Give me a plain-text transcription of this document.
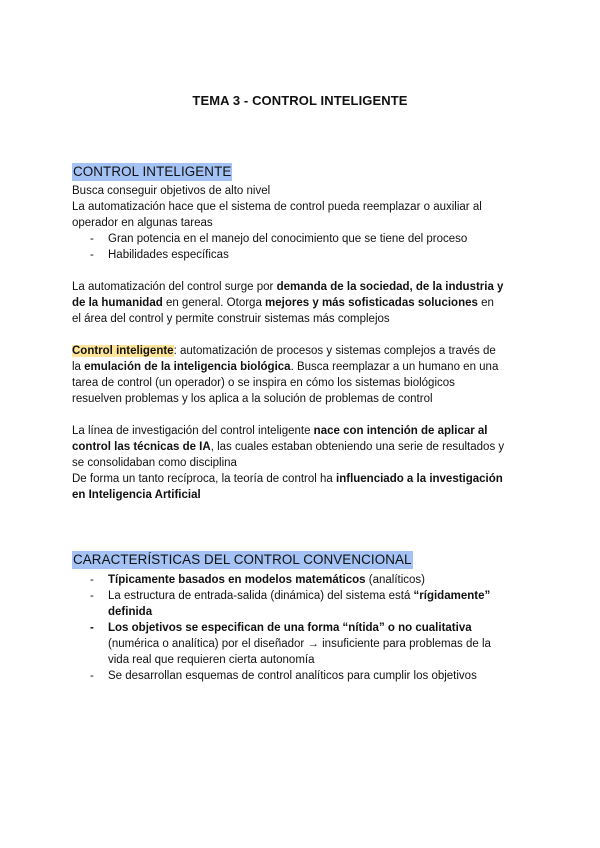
TEMA 3 - CONTROL INTELIGENTE
CONTROL INTELIGENTE
Busca conseguir objetivos de alto nivel
La automatización hace que el sistema de control pueda reemplazar o auxiliar al
operador en algunas tareas
- Gran potencia en el manejo del conocimiento que se tiene del proceso
- Habilidades específicas
La automatización del control surge por demanda de la sociedad, de la industria y
de la humanidad en general. Otorga mejores y más sofisticadas soluciones en
el área del control y permite construir sistemas más complejos
Control inteligente: automatización de procesos y sistemas complejos a través de
la emulación de la inteligencia biológica. Busca reemplazar a un humano en una
tarea de control (un operador) o se inspira en cómo los sistemas biológicos
resuelven problemas y los aplica a la solución de problemas de control
La línea de investigación del control inteligente nace con intención de aplicar al
control las técnicas de IA, las cuales estaban obteniendo una serie de resultados y
se consolidaban como disciplina
De forma un tanto recíproca, la teoría de control ha influenciado a la investigación
en Inteligencia Artificial
CARACTERÍSTICAS DEL CONTROL CONVENCIONAL
- Típicamente basados en modelos matemáticos (analíticos)
- La estructura de entrada-salida (dinámica) del sistema está “rígidamente”
definida
- Los objetivos se especifican de una forma “nítida” o no cualitativa
(numérica o analítica) por el diseñador → insuficiente para problemas de la
vida real que requieren cierta autonomía
- Se desarrollan esquemas de control analíticos para cumplir los objetivos
